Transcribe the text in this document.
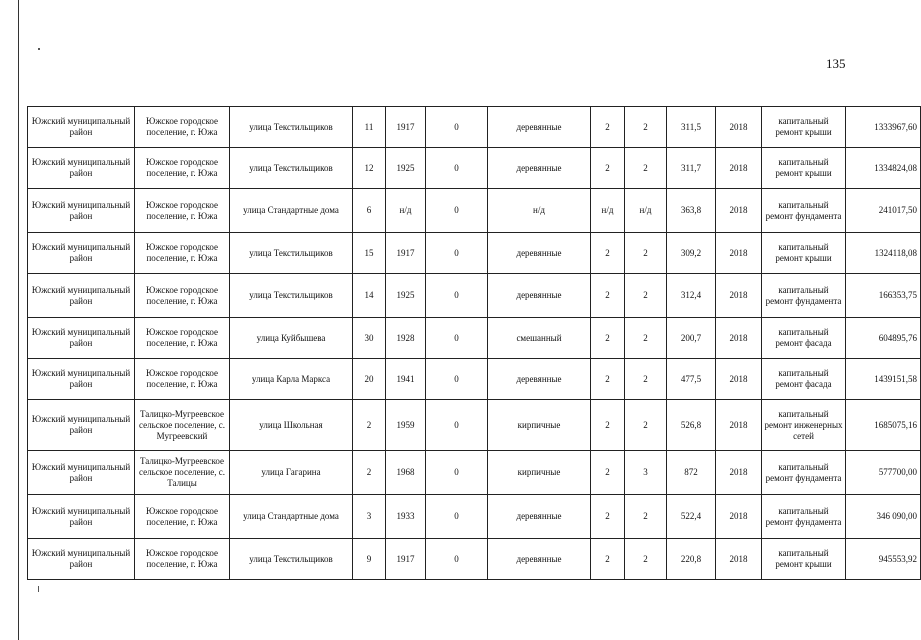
135
Южский муниципальный район	Южское городское поселение, г. Южа	улица Текстильщиков	11	1917	0	деревянные	2	2	311,5	2018	капитальный ремонт крыши	1333967,60
Южский муниципальный район	Южское городское поселение, г. Южа	улица Текстильщиков	12	1925	0	деревянные	2	2	311,7	2018	капитальный ремонт крыши	1334824,08
Южский муниципальный район	Южское городское поселение, г. Южа	улица Стандартные дома	6	н/д	0	н/д	н/д	н/д	363,8	2018	капитальный ремонт фундамента	241017,50
Южский муниципальный район	Южское городское поселение, г. Южа	улица Текстильщиков	15	1917	0	деревянные	2	2	309,2	2018	капитальный ремонт крыши	1324118,08
Южский муниципальный район	Южское городское поселение, г. Южа	улица Текстильщиков	14	1925	0	деревянные	2	2	312,4	2018	капитальный ремонт фундамента	166353,75
Южский муниципальный район	Южское городское поселение, г. Южа	улица Куйбышева	30	1928	0	смешанный	2	2	200,7	2018	капитальный ремонт фасада	604895,76
Южский муниципальный район	Южское городское поселение, г. Южа	улица Карла Маркса	20	1941	0	деревянные	2	2	477,5	2018	капитальный ремонт фасада	1439151,58
Южский муниципальный район	Талицко-Мугреевское сельское поселение, с. Мугреевский	улица Школьная	2	1959	0	кирпичные	2	2	526,8	2018	капитальный ремонт инженерных сетей	1685075,16
Южский муниципальный район	Талицко-Мугреевское сельское поселение, с. Талицы	улица Гагарина	2	1968	0	кирпичные	2	3	872	2018	капитальный ремонт фундамента	577700,00
Южский муниципальный район	Южское городское поселение, г. Южа	улица Стандартные дома	3	1933	0	деревянные	2	2	522,4	2018	капитальный ремонт фундамента	346 090,00
Южский муниципальный район	Южское городское поселение, г. Южа	улица Текстильщиков	9	1917	0	деревянные	2	2	220,8	2018	капитальный ремонт крыши	945553,92
